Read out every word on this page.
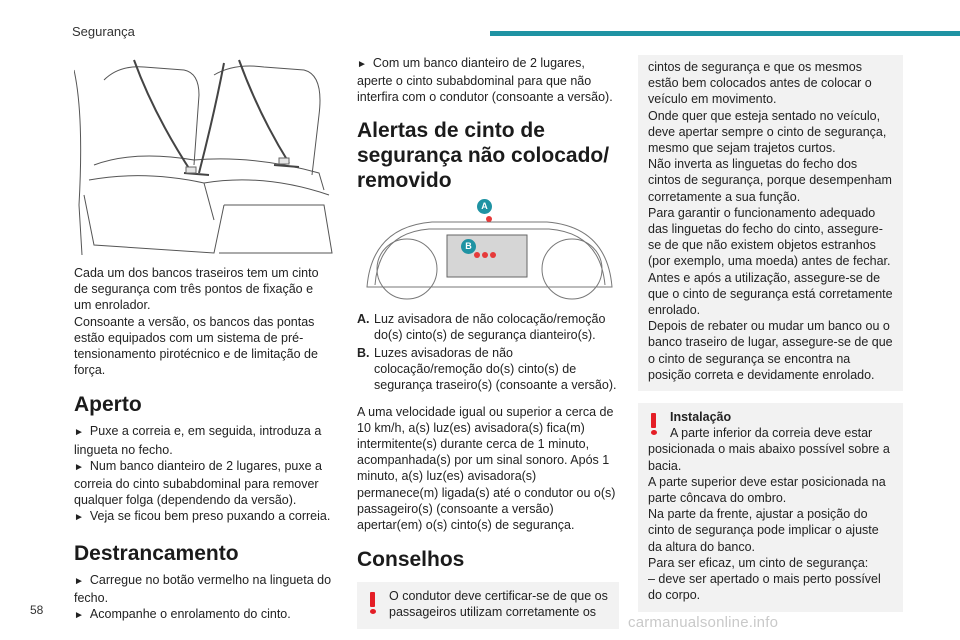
Segurança

Cada um dos bancos traseiros tem um cinto de segurança com três pontos de fixação e um enrolador.

Consoante a versão, os bancos das pontas estão equipados com um sistema de pré-tensionamento pirotécnico e de limitação de força.

Aperto

► Puxe a correia e, em seguida, introduza a lingueta no fecho.

► Num banco dianteiro de 2 lugares, puxe a correia do cinto subabdominal para remover qualquer folga (dependendo da versão).

► Veja se ficou bem preso puxando a correia.

Destrancamento

► Carregue no botão vermelho na lingueta do fecho.

► Acompanhe o enrolamento do cinto.

► Com um banco dianteiro de 2 lugares, aperte o cinto subabdominal para que não interfira com o condutor (consoante a versão).

Alertas de cinto de segurança não colocado/ removido
A
B
A. Luz avisadora de não colocação/remoção do(s) cinto(s) de segurança dianteiro(s).
B. Luzes avisadoras de não colocação/remoção do(s) cinto(s) de segurança traseiro(s) (consoante a versão).

A uma velocidade igual ou superior a cerca de 10 km/h, a(s) luz(es) avisadora(s) fica(m) intermitente(s) durante cerca de 1 minuto, acompanhada(s) por um sinal sonoro. Após 1 minuto, a(s) luz(es) avisadora(s) permanece(m) ligada(s) até o condutor ou o(s) passageiro(s) (consoante a versão) apertar(em) o(s) cinto(s) de segurança.

Conselhos

O condutor deve certificar-se de que os passageiros utilizam corretamente os

cintos de segurança e que os mesmos estão bem colocados antes de colocar o veículo em movimento.

Onde quer que esteja sentado no veículo, deve apertar sempre o cinto de segurança, mesmo que sejam trajetos curtos.

Não inverta as linguetas do fecho dos cintos de segurança, porque desempenham corretamente a sua função.

Para garantir o funcionamento adequado das linguetas do fecho do cinto, assegure-se de que não existem objetos estranhos (por exemplo, uma moeda) antes de fechar.

Antes e após a utilização, assegure-se de que o cinto de segurança está corretamente enrolado.

Depois de rebater ou mudar um banco ou o banco traseiro de lugar, assegure-se de que o cinto de segurança se encontra na posição correta e devidamente enrolado.

Instalação

A parte inferior da correia deve estar posicionada o mais abaixo possível sobre a bacia.

A parte superior deve estar posicionada na parte côncava do ombro.

Na parte da frente, ajustar a posição do cinto de segurança pode implicar o ajuste da altura do banco.

Para ser eficaz, um cinto de segurança:

– deve ser apertado o mais perto possível do corpo.

58
carmanualsonline.info
